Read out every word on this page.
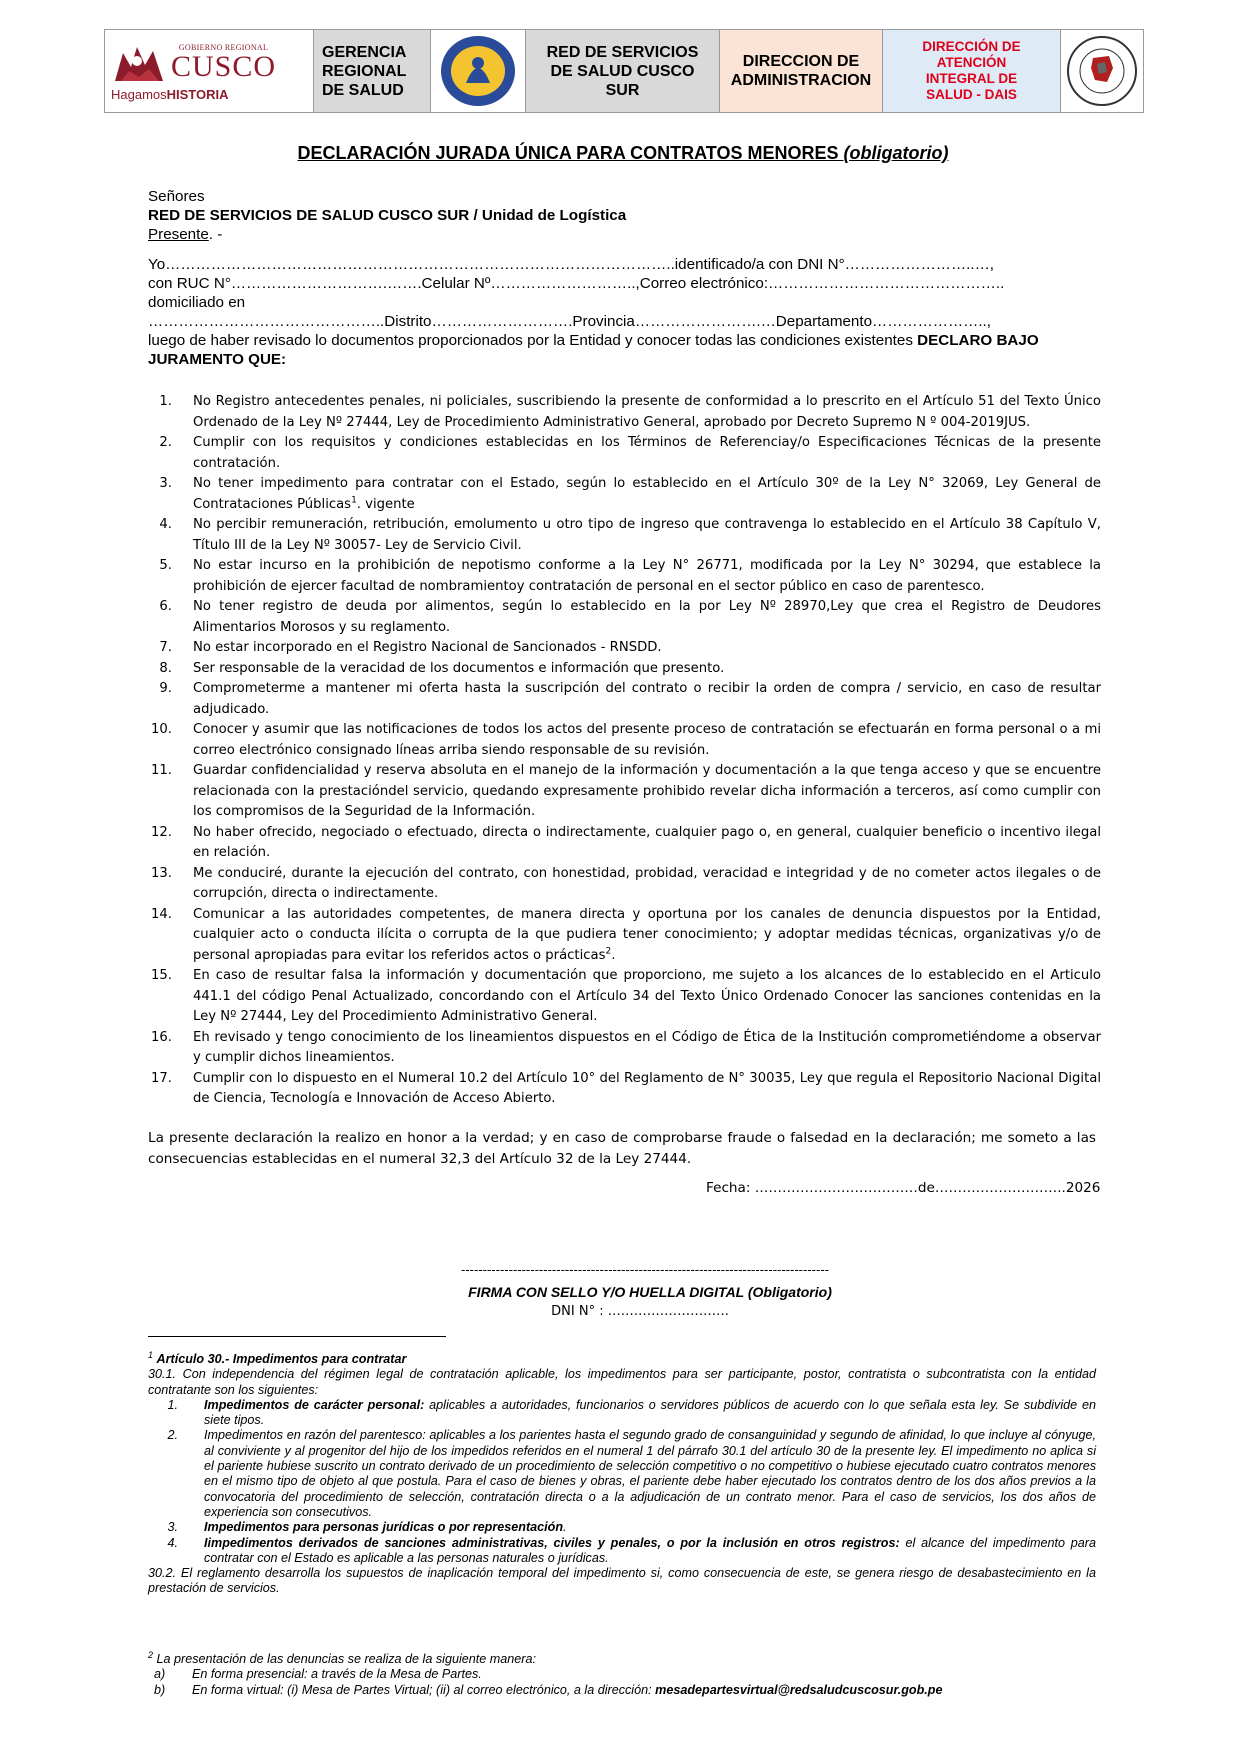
GOBIERNO REGIONAL
CUSCO
HagamosHISTORIA
GERENCIA
REGIONAL
DE SALUD
RED DE SERVICIOS
DE SALUD CUSCO
SUR
DIRECCION DE
ADMINISTRACION
DIRECCIÓN DE
ATENCIÓN
INTEGRAL DE
SALUD - DAIS
DECLARACIÓN JURADA ÚNICA PARA CONTRATOS MENORES (obligatorio)
Señores
RED DE SERVICIOS DE SALUD CUSCO SUR / Unidad de Logística
Presente. -
Yo………………………………………………………………………………………..identificado/a con DNI N°……………………..…,
con RUC N°………………………….…….Celular Nº………………………..,Correo electrónico:………………………………………..
domiciliado en
………………………………………..Distrito……………………….Provincia…………………….…Departamento…………………..,
luego de haber revisado lo documentos proporcionados por la Entidad y conocer todas las condiciones existentes DECLARO BAJO JURAMENTO QUE:
1. No Registro antecedentes penales, ni policiales, suscribiendo la presente de conformidad a lo prescrito en el Artículo 51 del Texto Único Ordenado de la Ley Nº 27444, Ley de Procedimiento Administrativo General, aprobado por Decreto Supremo N º 004-2019JUS.
2. Cumplir con los requisitos y condiciones establecidas en los Términos de Referenciay/o Especificaciones Técnicas de la presente contratación.
3. No tener impedimento para contratar con el Estado, según lo establecido en el Artículo 30º de la Ley N° 32069, Ley General de Contrataciones Públicas$^1$. vigente
4. No percibir remuneración, retribución, emolumento u otro tipo de ingreso que contravenga lo establecido en el Artículo 38 Capítulo V, Título III de la Ley Nº 30057- Ley de Servicio Civil.
5. No estar incurso en la prohibición de nepotismo conforme a la Ley N° 26771, modificada por la Ley N° 30294, que establece la prohibición de ejercer facultad de nombramientoy contratación de personal en el sector público en caso de parentesco.
6. No tener registro de deuda por alimentos, según lo establecido en la por Ley Nº 28970,Ley que crea el Registro de Deudores Alimentarios Morosos y su reglamento.
7. No estar incorporado en el Registro Nacional de Sancionados - RNSDD.
8. Ser responsable de la veracidad de los documentos e información que presento.
9. Comprometerme a mantener mi oferta hasta la suscripción del contrato o recibir la orden de compra / servicio, en caso de resultar adjudicado.
10. Conocer y asumir que las notificaciones de todos los actos del presente proceso de contratación se efectuarán en forma personal o a mi correo electrónico consignado líneas arriba siendo responsable de su revisión.
11. Guardar confidencialidad y reserva absoluta en el manejo de la información y documentación a la que tenga acceso y que se encuentre relacionada con la prestacióndel servicio, quedando expresamente prohibido revelar dicha información a terceros, así como cumplir con los compromisos de la Seguridad de la Información.
12. No haber ofrecido, negociado o efectuado, directa o indirectamente, cualquier pago o, en general, cualquier beneficio o incentivo ilegal en relación.
13. Me conduciré, durante la ejecución del contrato, con honestidad, probidad, veracidad e integridad y de no cometer actos ilegales o de corrupción, directa o indirectamente.
14. Comunicar a las autoridades competentes, de manera directa y oportuna por los canales de denuncia dispuestos por la Entidad, cualquier acto o conducta ilícita o corrupta de la que pudiera tener conocimiento; y adoptar medidas técnicas, organizativas y/o de personal apropiadas para evitar los referidos actos o prácticas$^2$.
15. En caso de resultar falsa la información y documentación que proporciono, me sujeto a los alcances de lo establecido en el Articulo 441.1 del código Penal Actualizado, concordando con el Artículo 34 del Texto Único Ordenado Conocer las sanciones contenidas en la Ley Nº 27444, Ley del Procedimiento Administrativo General.
16. Eh revisado y tengo conocimiento de los lineamientos dispuestos en el Código de Ética de la Institución comprometiéndome a observar y cumplir dichos lineamientos.
17. Cumplir con lo dispuesto en el Numeral 10.2 del Artículo 10° del Reglamento de N° 30035, Ley que regula el Repositorio Nacional Digital de Ciencia, Tecnología e Innovación de Acceso Abierto.
La presente declaración la realizo en honor a la verdad; y en caso de comprobarse fraude o falsedad en la declaración; me someto a las consecuencias establecidas en el numeral 32,3 del Artículo 32 de la Ley 27444.
Fecha: ………………………………de………………………..2026
-------------------------------------------------------------------------------------
FIRMA CON SELLO Y/O HUELLA DIGITAL (Obligatorio)
DNI N° : ……………………….
$^1$ Artículo 30.- Impedimentos para contratar
30.1. Con independencia del régimen legal de contratación aplicable, los impedimentos para ser participante, postor, contratista o subcontratista con la entidad contratante son los siguientes:
1.	Impedimentos de carácter personal: aplicables a autoridades, funcionarios o servidores públicos de acuerdo con lo que señala esta ley. Se subdivide en siete tipos.
2.	Impedimentos en razón del parentesco: aplicables a los parientes hasta el segundo grado de consanguinidad y segundo de afinidad, lo que incluye al cónyuge, al conviviente y al progenitor del hijo de los impedidos referidos en el numeral 1 del párrafo 30.1 del artículo 30 de la presente ley. El impedimento no aplica si el pariente hubiese suscrito un contrato derivado de un procedimiento de selección competitivo o no competitivo o hubiese ejecutado cuatro contratos menores en el mismo tipo de objeto al que postula. Para el caso de bienes y obras, el pariente debe haber ejecutado los contratos dentro de los dos años previos a la convocatoria del procedimiento de selección, contratación directa o a la adjudicación de un contrato menor. Para el caso de servicios, los dos años de experiencia son consecutivos.
3.	Impedimentos para personas jurídicas o por representación.
4.	Iimpedimentos derivados de sanciones administrativas, civiles y penales, o por la inclusión en otros registros: el alcance del impedimento para contratar con el Estado es aplicable a las personas naturales o jurídicas.
30.2. El reglamento desarrolla los supuestos de inaplicación temporal del impedimento si, como consecuencia de este, se genera riesgo de desabastecimiento en la prestación de servicios.
$^2$ La presentación de las denuncias se realiza de la siguiente manera:
a) En forma presencial: a través de la Mesa de Partes.
b) En forma virtual: (i) Mesa de Partes Virtual; (ii) al correo electrónico, a la dirección: mesadepartesvirtual@redsaludcuscosur.gob.pe
